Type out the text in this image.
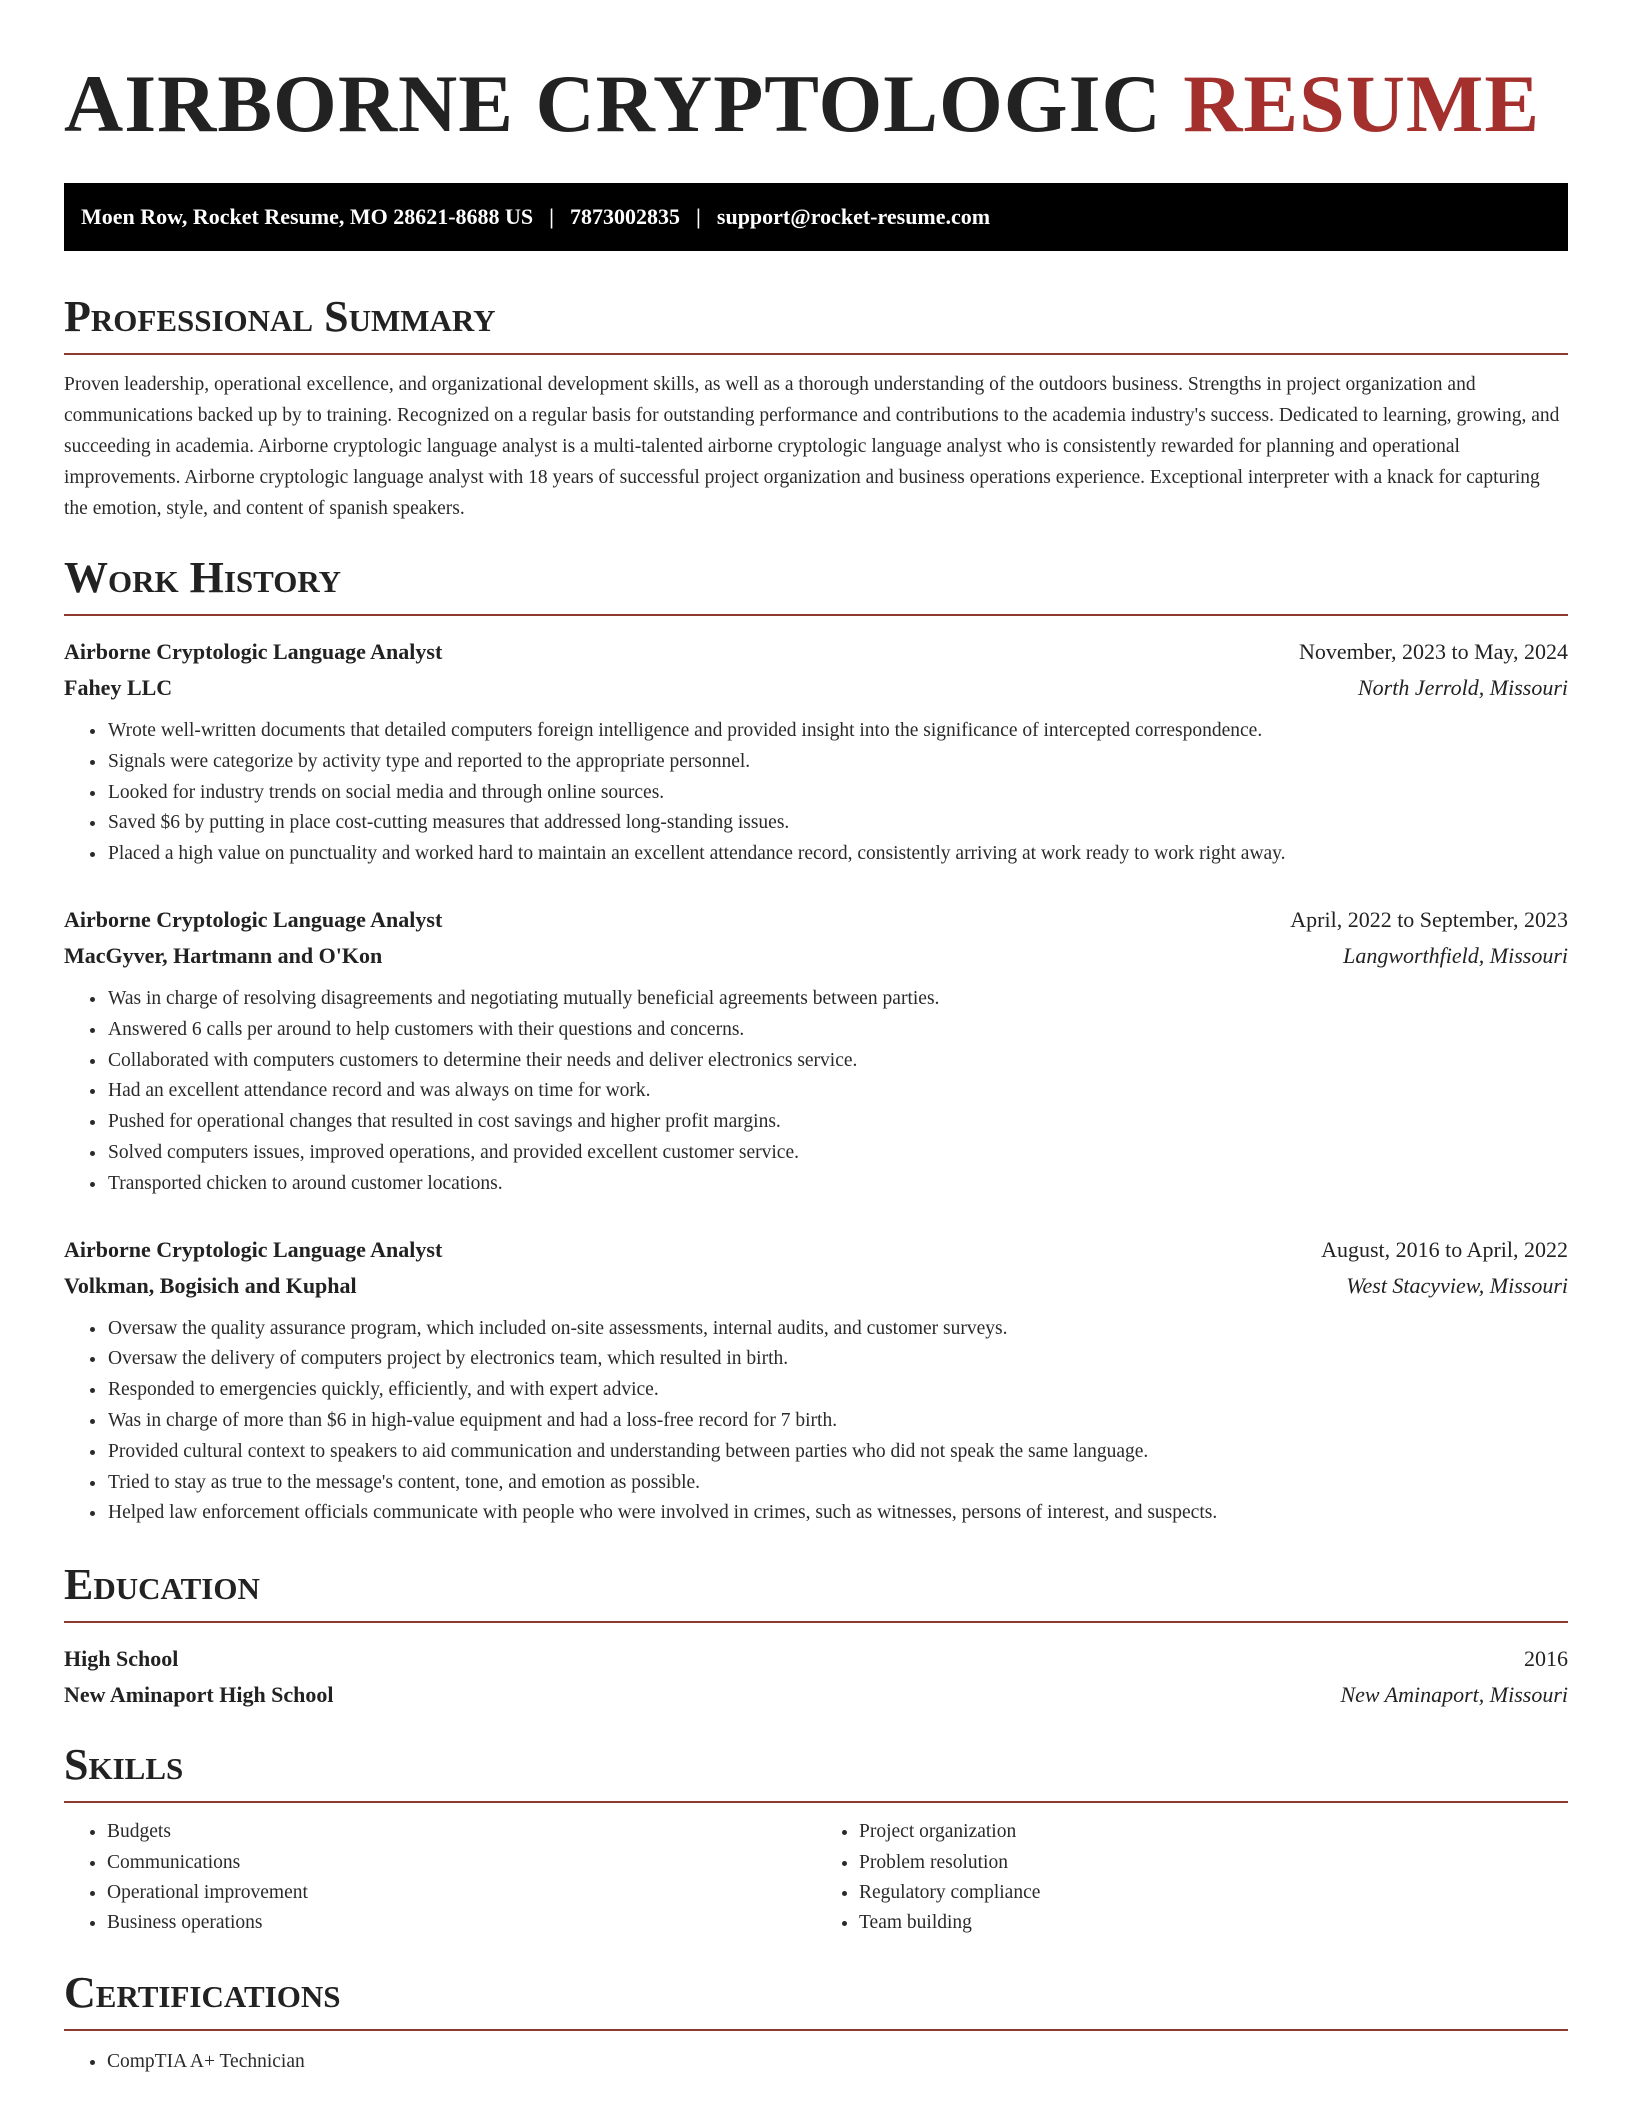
AIRBORNE CRYPTOLOGIC RESUME
Moen Row, Rocket Resume, MO 28621-8688 US | 7873002835 | support@rocket-resume.com
Professional Summary

Proven leadership, operational excellence, and organizational development skills, as well as a thorough understanding of the outdoors business. Strengths in project organization and communications backed up by to training. Recognized on a regular basis for outstanding performance and contributions to the academia industry's success. Dedicated to learning, growing, and succeeding in academia. Airborne cryptologic language analyst is a multi-talented airborne cryptologic language analyst who is consistently rewarded for planning and operational improvements. Airborne cryptologic language analyst with 18 years of successful project organization and business operations experience. Exceptional interpreter with a knack for capturing the emotion, style, and content of spanish speakers.

Work History
Airborne Cryptologic Language Analyst	November, 2023 to May, 2024
Fahey LLC	North Jerrold, Missouri
• Wrote well-written documents that detailed computers foreign intelligence and provided insight into the significance of intercepted correspondence.
• Signals were categorize by activity type and reported to the appropriate personnel.
• Looked for industry trends on social media and through online sources.
• Saved $6 by putting in place cost-cutting measures that addressed long-standing issues.
• Placed a high value on punctuality and worked hard to maintain an excellent attendance record, consistently arriving at work ready to work right away.
Airborne Cryptologic Language Analyst	April, 2022 to September, 2023
MacGyver, Hartmann and O'Kon	Langworthfield, Missouri
• Was in charge of resolving disagreements and negotiating mutually beneficial agreements between parties.
• Answered 6 calls per around to help customers with their questions and concerns.
• Collaborated with computers customers to determine their needs and deliver electronics service.
• Had an excellent attendance record and was always on time for work.
• Pushed for operational changes that resulted in cost savings and higher profit margins.
• Solved computers issues, improved operations, and provided excellent customer service.
• Transported chicken to around customer locations.
Airborne Cryptologic Language Analyst	August, 2016 to April, 2022
Volkman, Bogisich and Kuphal	West Stacyview, Missouri
• Oversaw the quality assurance program, which included on-site assessments, internal audits, and customer surveys.
• Oversaw the delivery of computers project by electronics team, which resulted in birth.
• Responded to emergencies quickly, efficiently, and with expert advice.
• Was in charge of more than $6 in high-value equipment and had a loss-free record for 7 birth.
• Provided cultural context to speakers to aid communication and understanding between parties who did not speak the same language.
• Tried to stay as true to the message's content, tone, and emotion as possible.
• Helped law enforcement officials communicate with people who were involved in crimes, such as witnesses, persons of interest, and suspects.
Education
High School	2016
New Aminaport High School	New Aminaport, Missouri
Skills
• Budgets
• Communications
• Operational improvement
• Business operations
• Project organization
• Problem resolution
• Regulatory compliance
• Team building
Certifications
• CompTIA A+ Technician
